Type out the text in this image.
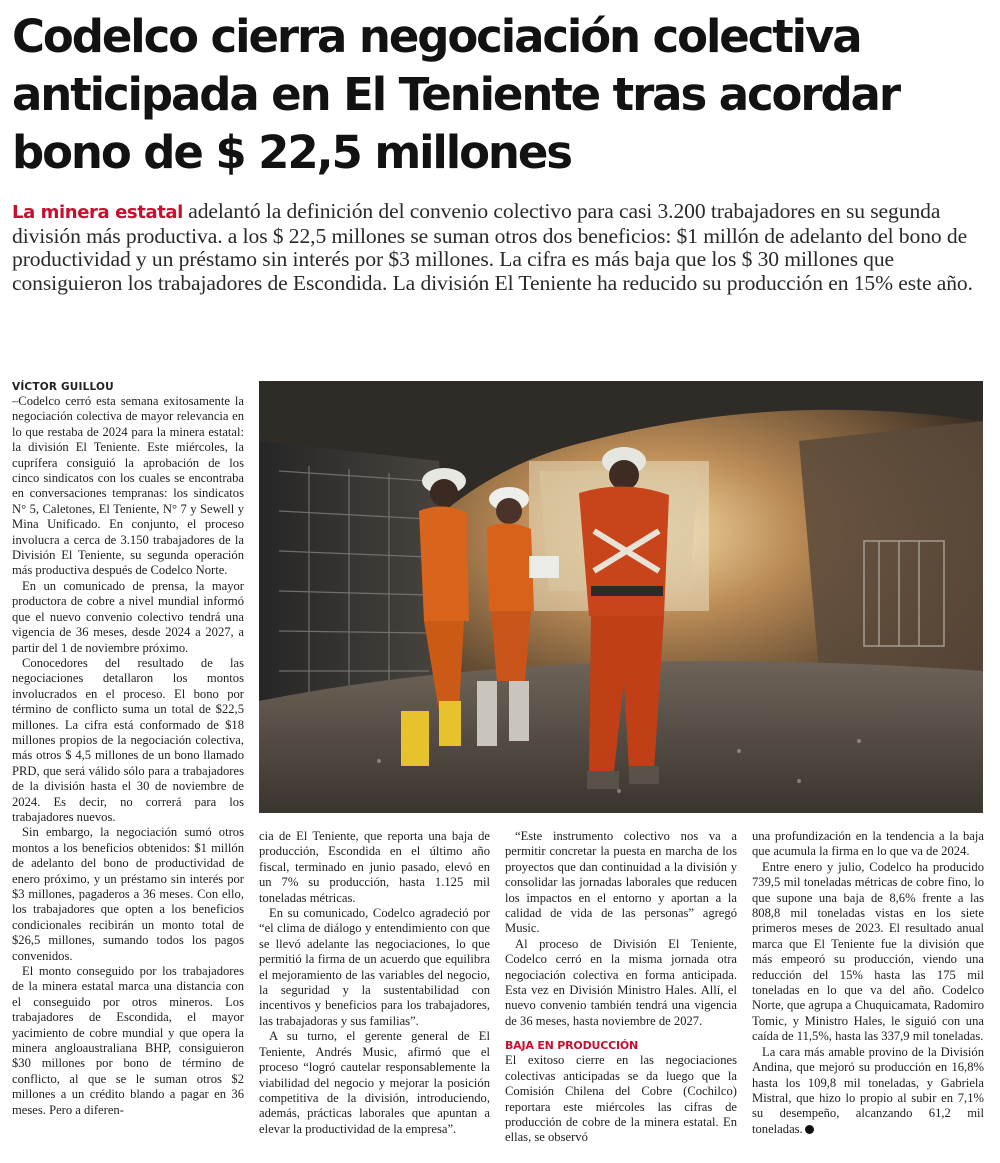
Codelco cierra negociación colectiva anticipada en El Teniente tras acordar bono de $ 22,5 millones

La minera estatal adelantó la definición del convenio colectivo para casi 3.200 trabajadores en su segunda división más productiva. a los $ 22,5 millones se suman otros dos beneficios: $1 millón de adelanto del bono de productividad y un préstamo sin interés por $3 millones. La cifra es más baja que los $ 30 millones que consiguieron los trabajadores de Escondida. La división El Teniente ha reducido su producción en 15% este año.

VÍCTOR GUILLOU

–Codelco cerró esta semana exitosamente la negociación colectiva de mayor relevancia en lo que restaba de 2024 para la minera estatal: la división El Teniente. Este miércoles, la cuprífera consiguió la aprobación de los cinco sindicatos con los cuales se encontraba en conversaciones tempranas: los sindicatos N° 5, Caletones, El Teniente, N° 7 y Sewell y Mina Unificado. En conjunto, el proceso involucra a cerca de 3.150 trabajadores de la División El Teniente, su segunda operación más productiva después de Codelco Norte.

En un comunicado de prensa, la mayor productora de cobre a nivel mundial informó que el nuevo convenio colectivo tendrá una vigencia de 36 meses, desde 2024 a 2027, a partir del 1 de noviembre próximo.

Conocedores del resultado de las negociaciones detallaron los montos involucrados en el proceso. El bono por término de conflicto suma un total de $22,5 millones. La cifra está conformado de $18 millones propios de la negociación colectiva, más otros $ 4,5 millones de un bono llamado PRD, que será válido sólo para a trabajadores de la división hasta el 30 de noviembre de 2024. Es decir, no correrá para los trabajadores nuevos.

Sin embargo, la negociación sumó otros montos a los beneficios obtenidos: $1 millón de adelanto del bono de productividad de enero próximo, y un préstamo sin interés por $3 millones, pagaderos a 36 meses. Con ello, los trabajadores que opten a los beneficios condicionales recibirán un monto total de $26,5 millones, sumando todos los pagos convenidos.

El monto conseguido por los trabajadores de la minera estatal marca una distancia con el conseguido por otros mineros. Los trabajadores de Escondida, el mayor yacimiento de cobre mundial y que opera la minera angloaustraliana BHP, consiguieron $30 millones por bono de término de conflicto, al que se le suman otros $2 millones a un crédito blando a pagar en 36 meses. Pero a diferen-

cia de El Teniente, que reporta una baja de producción, Escondida en el último año fiscal, terminado en junio pasado, elevó en un 7% su producción, hasta 1.125 mil toneladas métricas.

En su comunicado, Codelco agradeció por “el clima de diálogo y entendimiento con que se llevó adelante las negociaciones, lo que permitió la firma de un acuerdo que equilibra el mejoramiento de las variables del negocio, la seguridad y la sustentabilidad con incentivos y beneficios para los trabajadores, las trabajadoras y sus familias”.

A su turno, el gerente general de El Teniente, Andrés Music, afirmó que el proceso “logró cautelar responsablemente la viabilidad del negocio y mejorar la posición competitiva de la división, introduciendo, además, prácticas laborales que apuntan a elevar la productividad de la empresa”.

“Este instrumento colectivo nos va a permitir concretar la puesta en marcha de los proyectos que dan continuidad a la división y consolidar las jornadas laborales que reducen los impactos en el entorno y aportan a la calidad de vida de las personas” agregó Music.

Al proceso de División El Teniente, Codelco cerró en la misma jornada otra negociación colectiva en forma anticipada. Esta vez en División Ministro Hales. Allí, el nuevo convenio también tendrá una vigencia de 36 meses, hasta noviembre de 2027.

BAJA EN PRODUCCIÓN

El exitoso cierre en las negociaciones colectivas anticipadas se da luego que la Comisión Chilena del Cobre (Cochilco) reportara este miércoles las cifras de producción de cobre de la minera estatal. En ellas, se observó

una profundización en la tendencia a la baja que acumula la firma en lo que va de 2024.

Entre enero y julio, Codelco ha producido 739,5 mil toneladas métricas de cobre fino, lo que supone una baja de 8,6% frente a las 808,8 mil toneladas vistas en los siete primeros meses de 2023. El resultado anual marca que El Teniente fue la división que más empeoró su producción, viendo una reducción del 15% hasta las 175 mil toneladas en lo que va del año. Codelco Norte, que agrupa a Chuquicamata, Radomiro Tomic, y Ministro Hales, le siguió con una caída de 11,5%, hasta las 337,9 mil toneladas.

La cara más amable provino de la División Andina, que mejoró su producción en 16,8% hasta los 109,8 mil toneladas, y Gabriela Mistral, que hizo lo propio al subir en 7,1% su desempeño, alcanzando 61,2 mil toneladas.
